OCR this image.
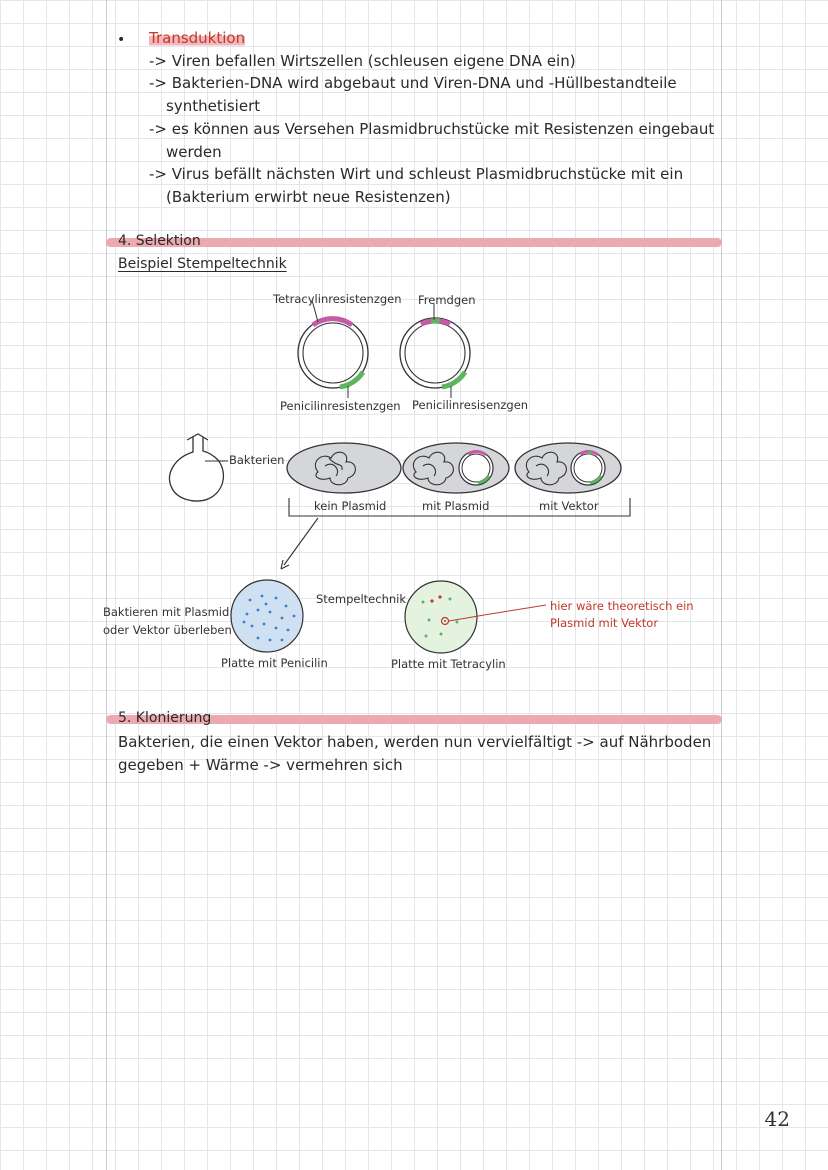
• Transduktion
-> Viren befallen Wirtszellen (schleusen eigene DNA ein)
-> Bakterien-DNA wird abgebaut und Viren-DNA und -Hüllbestandteile
synthetisiert
-> es können aus Versehen Plasmidbruchstücke mit Resistenzen eingebaut
werden
-> Virus befällt nächsten Wirt und schleust Plasmidbruchstücke mit ein
(Bakterium erwirbt neue Resistenzen)
4. Selektion
Beispiel Stempeltechnik
Tetracylinresistenzgen Fremdgen
Penicilinresistenzgen Penicilinresisenzgen
Bakterien
kein Plasmid	mit Plasmid	mit Vektor
Stempeltechnik
Baktieren mit Plasmid
oder Vektor überleben
hier wäre theoretisch ein
Plasmid mit Vektor
Platte mit Penicilin	Platte mit Tetracylin
5. Klonierung
Bakterien, die einen Vektor haben, werden nun vervielfältigt -> auf Nährboden
gegeben + Wärme -> vermehren sich
42
